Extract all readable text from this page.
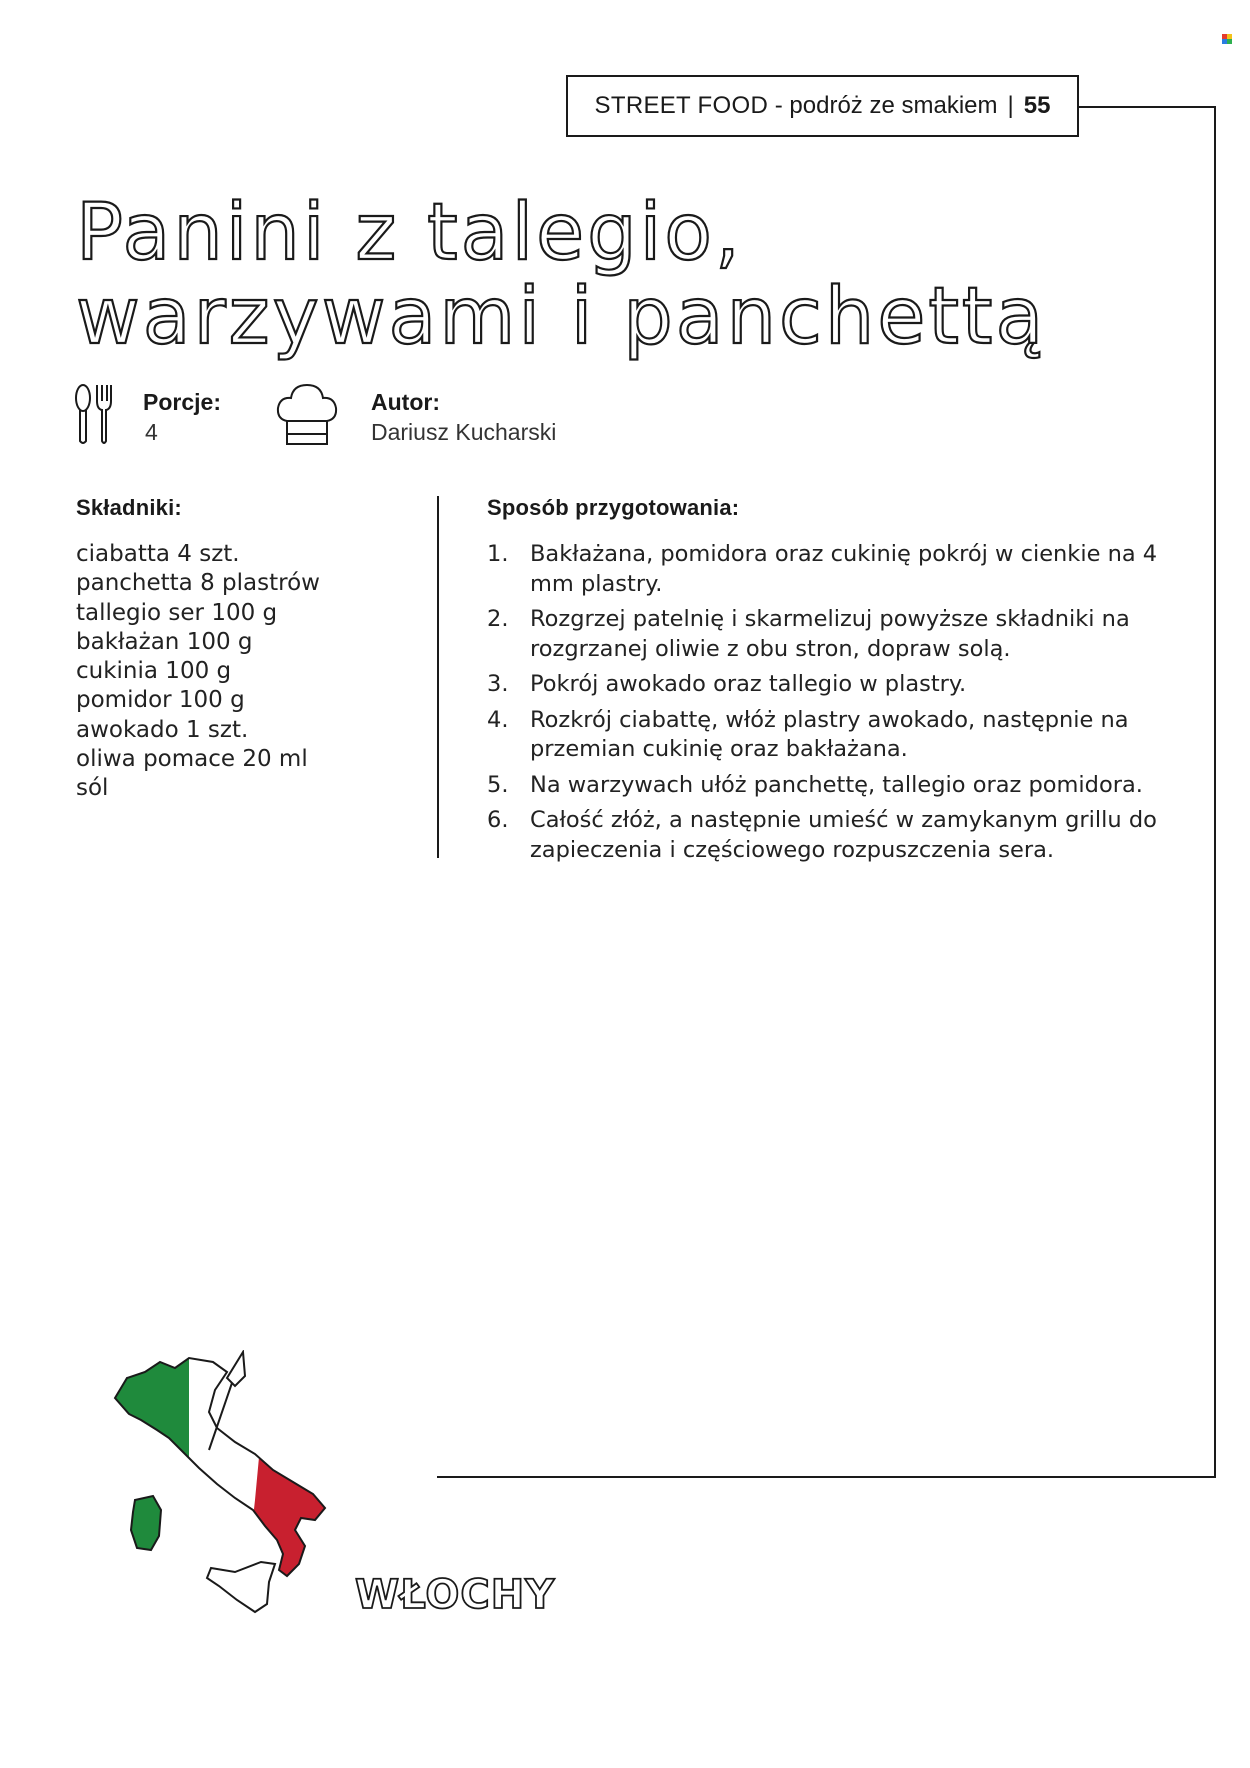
STREET FOOD
- podróż ze smakiem | 55
Panini z talegio,
warzywami i panchettą
Porcje:
4
Autor:
Dariusz Kucharski
Składniki:
ciabatta 4 szt.
panchetta 8 plastrów
tallegio ser 100 g
bakłażan 100 g
cukinia 100 g
pomidor 100 g
awokado 1 szt.
oliwa pomace 20 ml
sól
Sposób przygotowania:
1. Bakłażana, pomidora oraz cukinię pokrój w cienkie na 4 mm plastry.
2. Rozgrzej patelnię i skarmelizuj powyższe składniki na rozgrzanej oliwie z obu stron, dopraw solą.
3. Pokrój awokado oraz tallegio w plastry.
4. Rozkrój ciabattę, włóż plastry awokado, następnie na przemian cukinię oraz bakłażana.
5. Na warzywach ułóż panchettę, tallegio oraz pomidora.
6. Całość złóż, a następnie umieść w zamykanym grillu do zapieczenia i częściowego rozpuszczenia sera.
WŁOCHY
